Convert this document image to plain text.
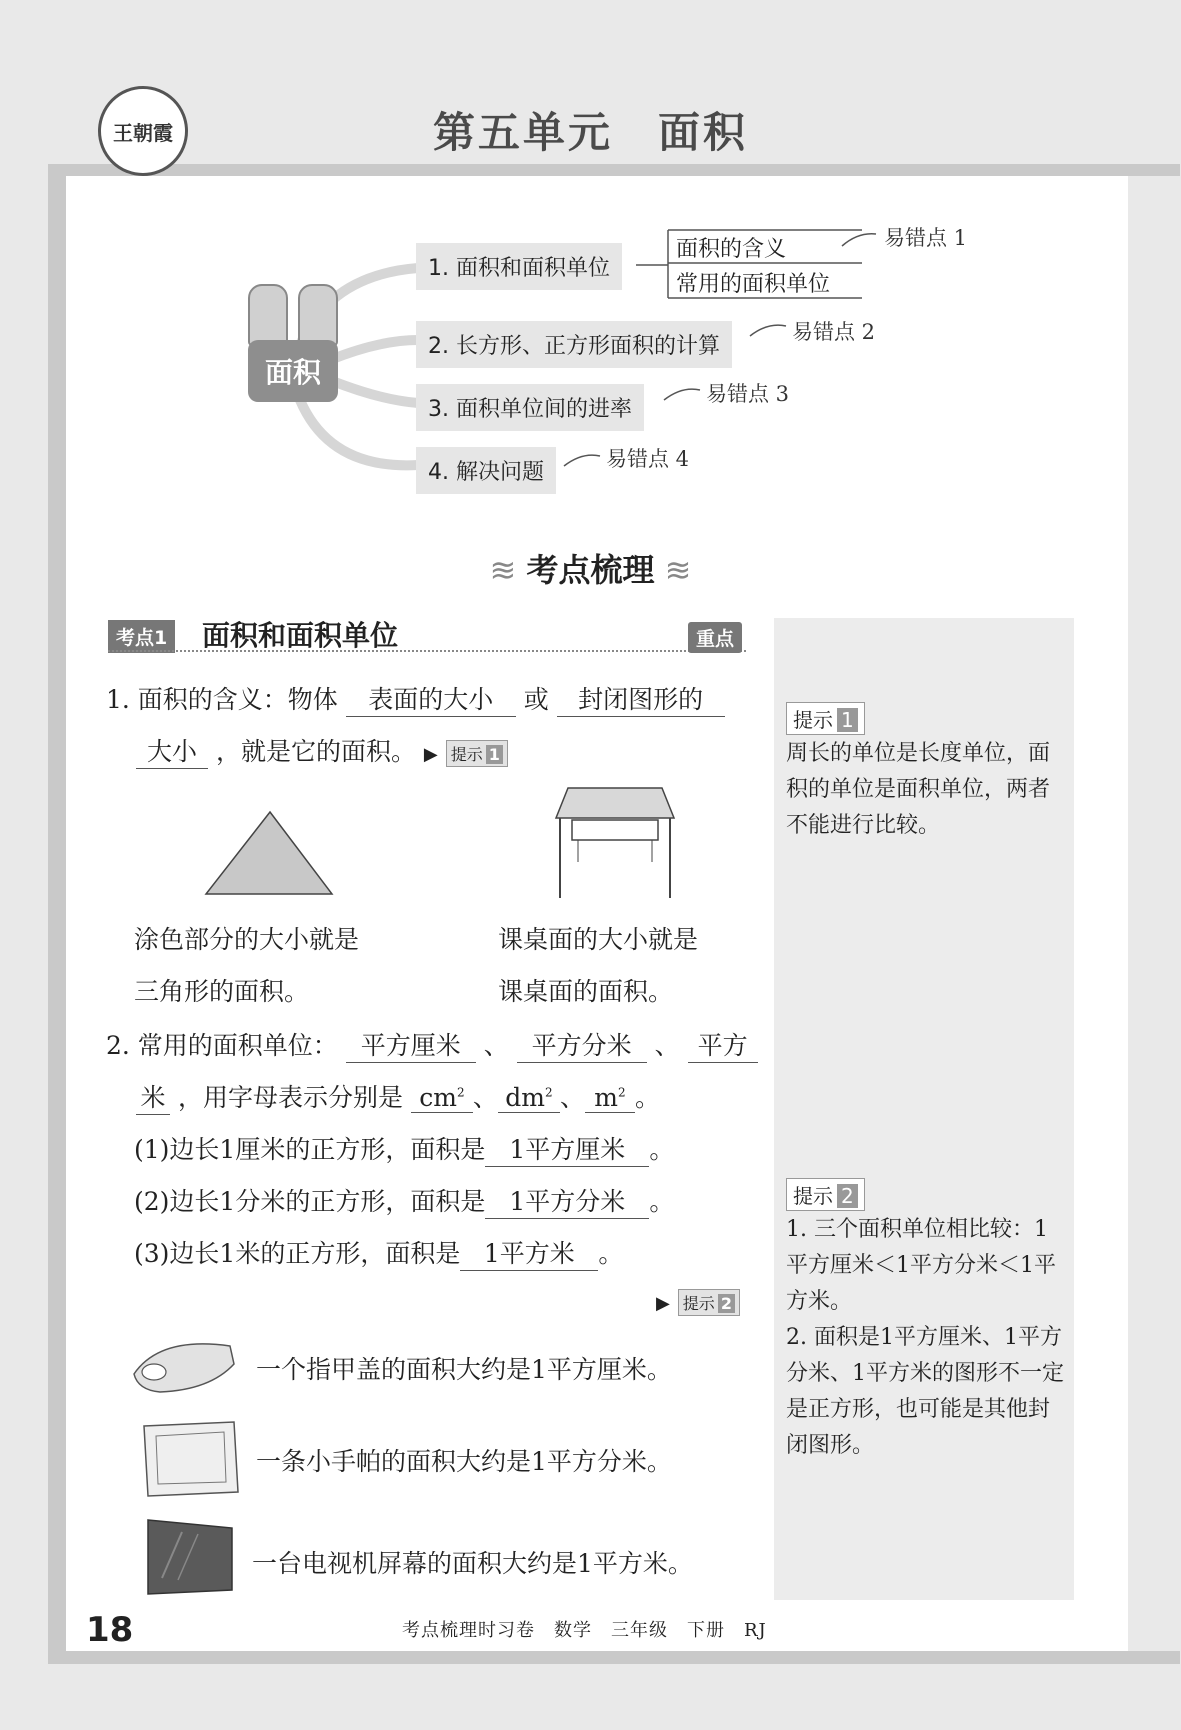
王朝霞	第五单元　面积
面积
1. 面积和面积单位
2. 长方形、正方形面积的计算
3. 面积单位间的进率
4. 解决问题
面积的含义
常用的面积单位
易错点 1
易错点 2
易错点 3
易错点 4
≋ 考点梳理 ≋
考点1 面积和面积单位	重点
1. 面积的含义：物体 表面的大小 或 封闭图形的
大小 ，就是它的面积。 ▶ 提示 1
涂色部分的大小就是
三角形的面积。
课桌面的大小就是
课桌面的面积。
2. 常用的面积单位： 平方厘米 、 平方分米 、 平方
米 ，用字母表示分别是 $cm^2$ 、 $dm^2$ 、 $m^2$ 。
(1)边长1厘米的正方形，面积是 1平方厘米 。
(2)边长1分米的正方形，面积是 1平方分米 。
(3)边长1米的正方形，面积是 1平方米 。
▶ 提示 2
一个指甲盖的面积大约是1平方厘米。
一条小手帕的面积大约是1平方分米。
一台电视机屏幕的面积大约是1平方米。
提示 1
周长的单位是长度单位，面积的单位是面积单位，两者不能进行比较。
提示 2
1. 三个面积单位相比较：1平方厘米＜1平方分米＜1平方米。
2. 面积是1平方厘米、1平方分米、1平方米的图形不一定是正方形，也可能是其他封闭图形。
18	考点梳理时习卷　数学　三年级　下册　RJ
